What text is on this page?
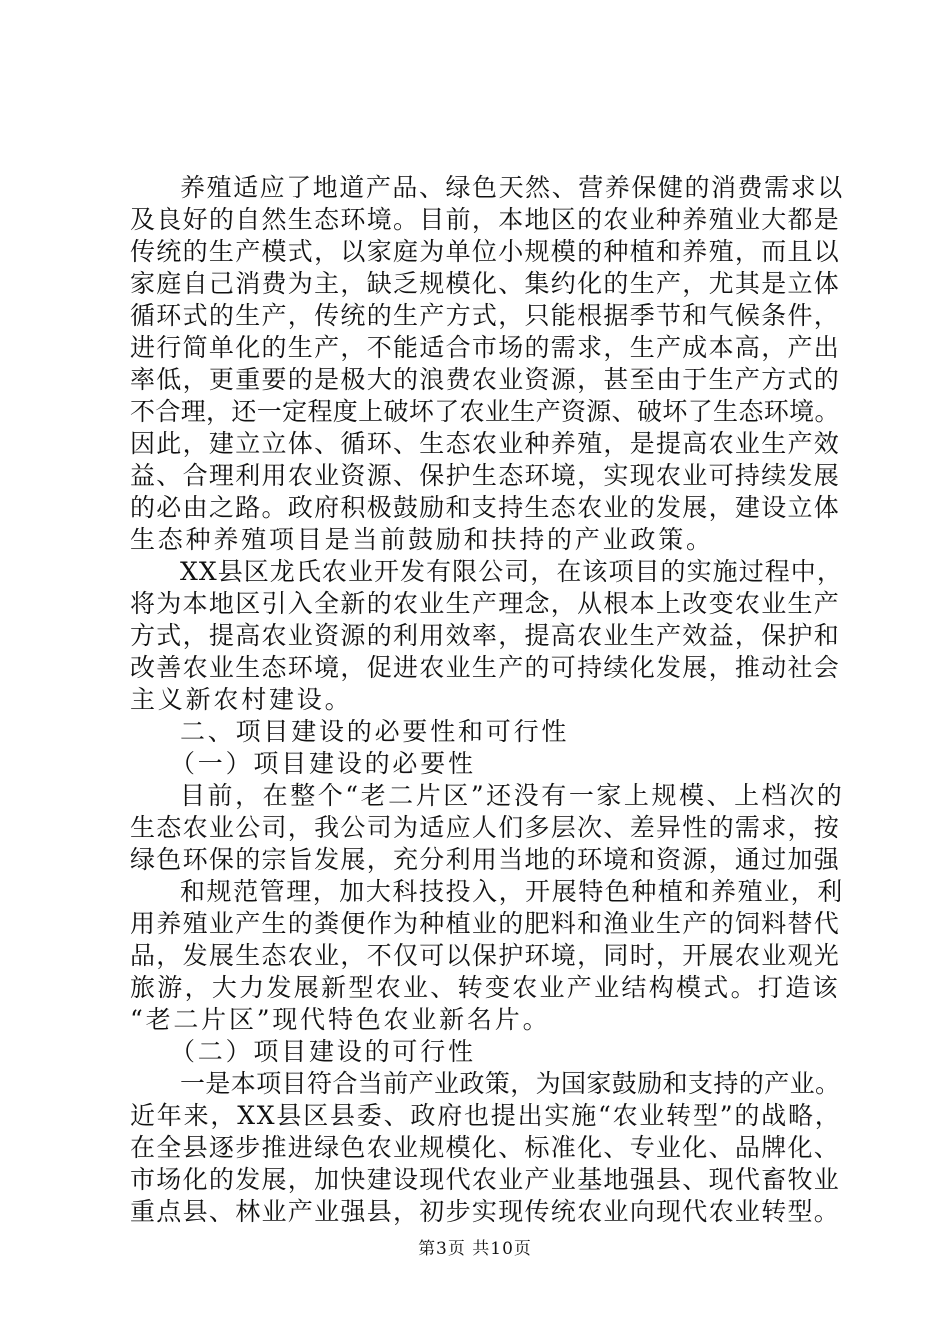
养殖适应了地道产品、绿色天然、营养保健的消费需求以
及良好的自然生态环境。目前，本地区的农业种养殖业大都是
传统的生产模式，以家庭为单位小规模的种植和养殖，而且以
家庭自己消费为主，缺乏规模化、集约化的生产，尤其是立体
循环式的生产，传统的生产方式，只能根据季节和气候条件，
进行简单化的生产，不能适合市场的需求，生产成本高，产出
率低，更重要的是极大的浪费农业资源，甚至由于生产方式的
不合理，还一定程度上破坏了农业生产资源、破坏了生态环境。
因此，建立立体、循环、生态农业种养殖，是提高农业生产效
益、合理利用农业资源、保护生态环境，实现农业可持续发展
的必由之路。政府积极鼓励和支持生态农业的发展，建设立体
生态种养殖项目是当前鼓励和扶持的产业政策。
XX县区龙氏农业开发有限公司，在该项目的实施过程中，
将为本地区引入全新的农业生产理念，从根本上改变农业生产
方式，提高农业资源的利用效率，提高农业生产效益，保护和
改善农业生态环境，促进农业生产的可持续化发展，推动社会
主义新农村建设。
二、项目建设的必要性和可行性
（一）项目建设的必要性
目前，在整个“老二片区”还没有一家上规模、上档次的
生态农业公司，我公司为适应人们多层次、差异性的需求，按
绿色环保的宗旨发展，充分利用当地的环境和资源，通过加强
和规范管理，加大科技投入，开展特色种植和养殖业，利
用养殖业产生的粪便作为种植业的肥料和渔业生产的饲料替代
品，发展生态农业，不仅可以保护环境，同时，开展农业观光
旅游，大力发展新型农业、转变农业产业结构模式。打造该
“老二片区”现代特色农业新名片。
（二）项目建设的可行性
一是本项目符合当前产业政策，为国家鼓励和支持的产业。
近年来，XX县区县委、政府也提出实施“农业转型”的战略，
在全县逐步推进绿色农业规模化、标准化、专业化、品牌化、
市场化的发展，加快建设现代农业产业基地强县、现代畜牧业
重点县、林业产业强县，初步实现传统农业向现代农业转型。
第3页 共10页
